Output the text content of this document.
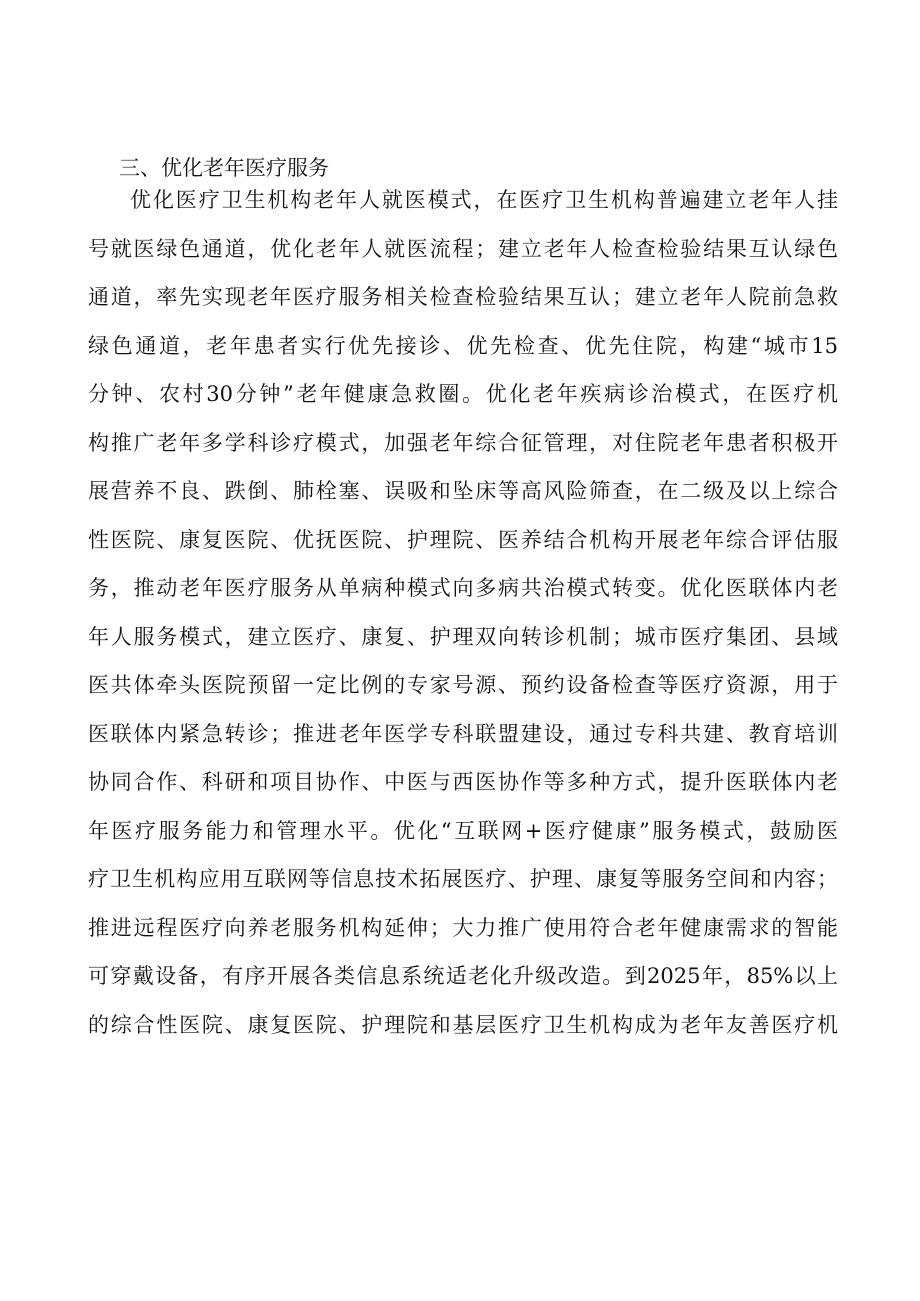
三、优化老年医疗服务
优化医疗卫生机构老年人就医模式，在医疗卫生机构普遍建立老年人挂
号就医绿色通道，优化老年人就医流程；建立老年人检查检验结果互认绿色
通道，率先实现老年医疗服务相关检查检验结果互认；建立老年人院前急救
绿色通道，老年患者实行优先接诊、优先检查、优先住院，构建“城市15
分钟、农村30分钟”老年健康急救圈。优化老年疾病诊治模式，在医疗机
构推广老年多学科诊疗模式，加强老年综合征管理，对住院老年患者积极开
展营养不良、跌倒、肺栓塞、误吸和坠床等高风险筛查，在二级及以上综合
性医院、康复医院、优抚医院、护理院、医养结合机构开展老年综合评估服
务，推动老年医疗服务从单病种模式向多病共治模式转变。优化医联体内老
年人服务模式，建立医疗、康复、护理双向转诊机制；城市医疗集团、县域
医共体牵头医院预留一定比例的专家号源、预约设备检查等医疗资源，用于
医联体内紧急转诊；推进老年医学专科联盟建设，通过专科共建、教育培训
协同合作、科研和项目协作、中医与西医协作等多种方式，提升医联体内老
年医疗服务能力和管理水平。优化“互联网+医疗健康”服务模式，鼓励医
疗卫生机构应用互联网等信息技术拓展医疗、护理、康复等服务空间和内容；
推进远程医疗向养老服务机构延伸；大力推广使用符合老年健康需求的智能
可穿戴设备，有序开展各类信息系统适老化升级改造。到2025年，85%以上
的综合性医院、康复医院、护理院和基层医疗卫生机构成为老年友善医疗机
